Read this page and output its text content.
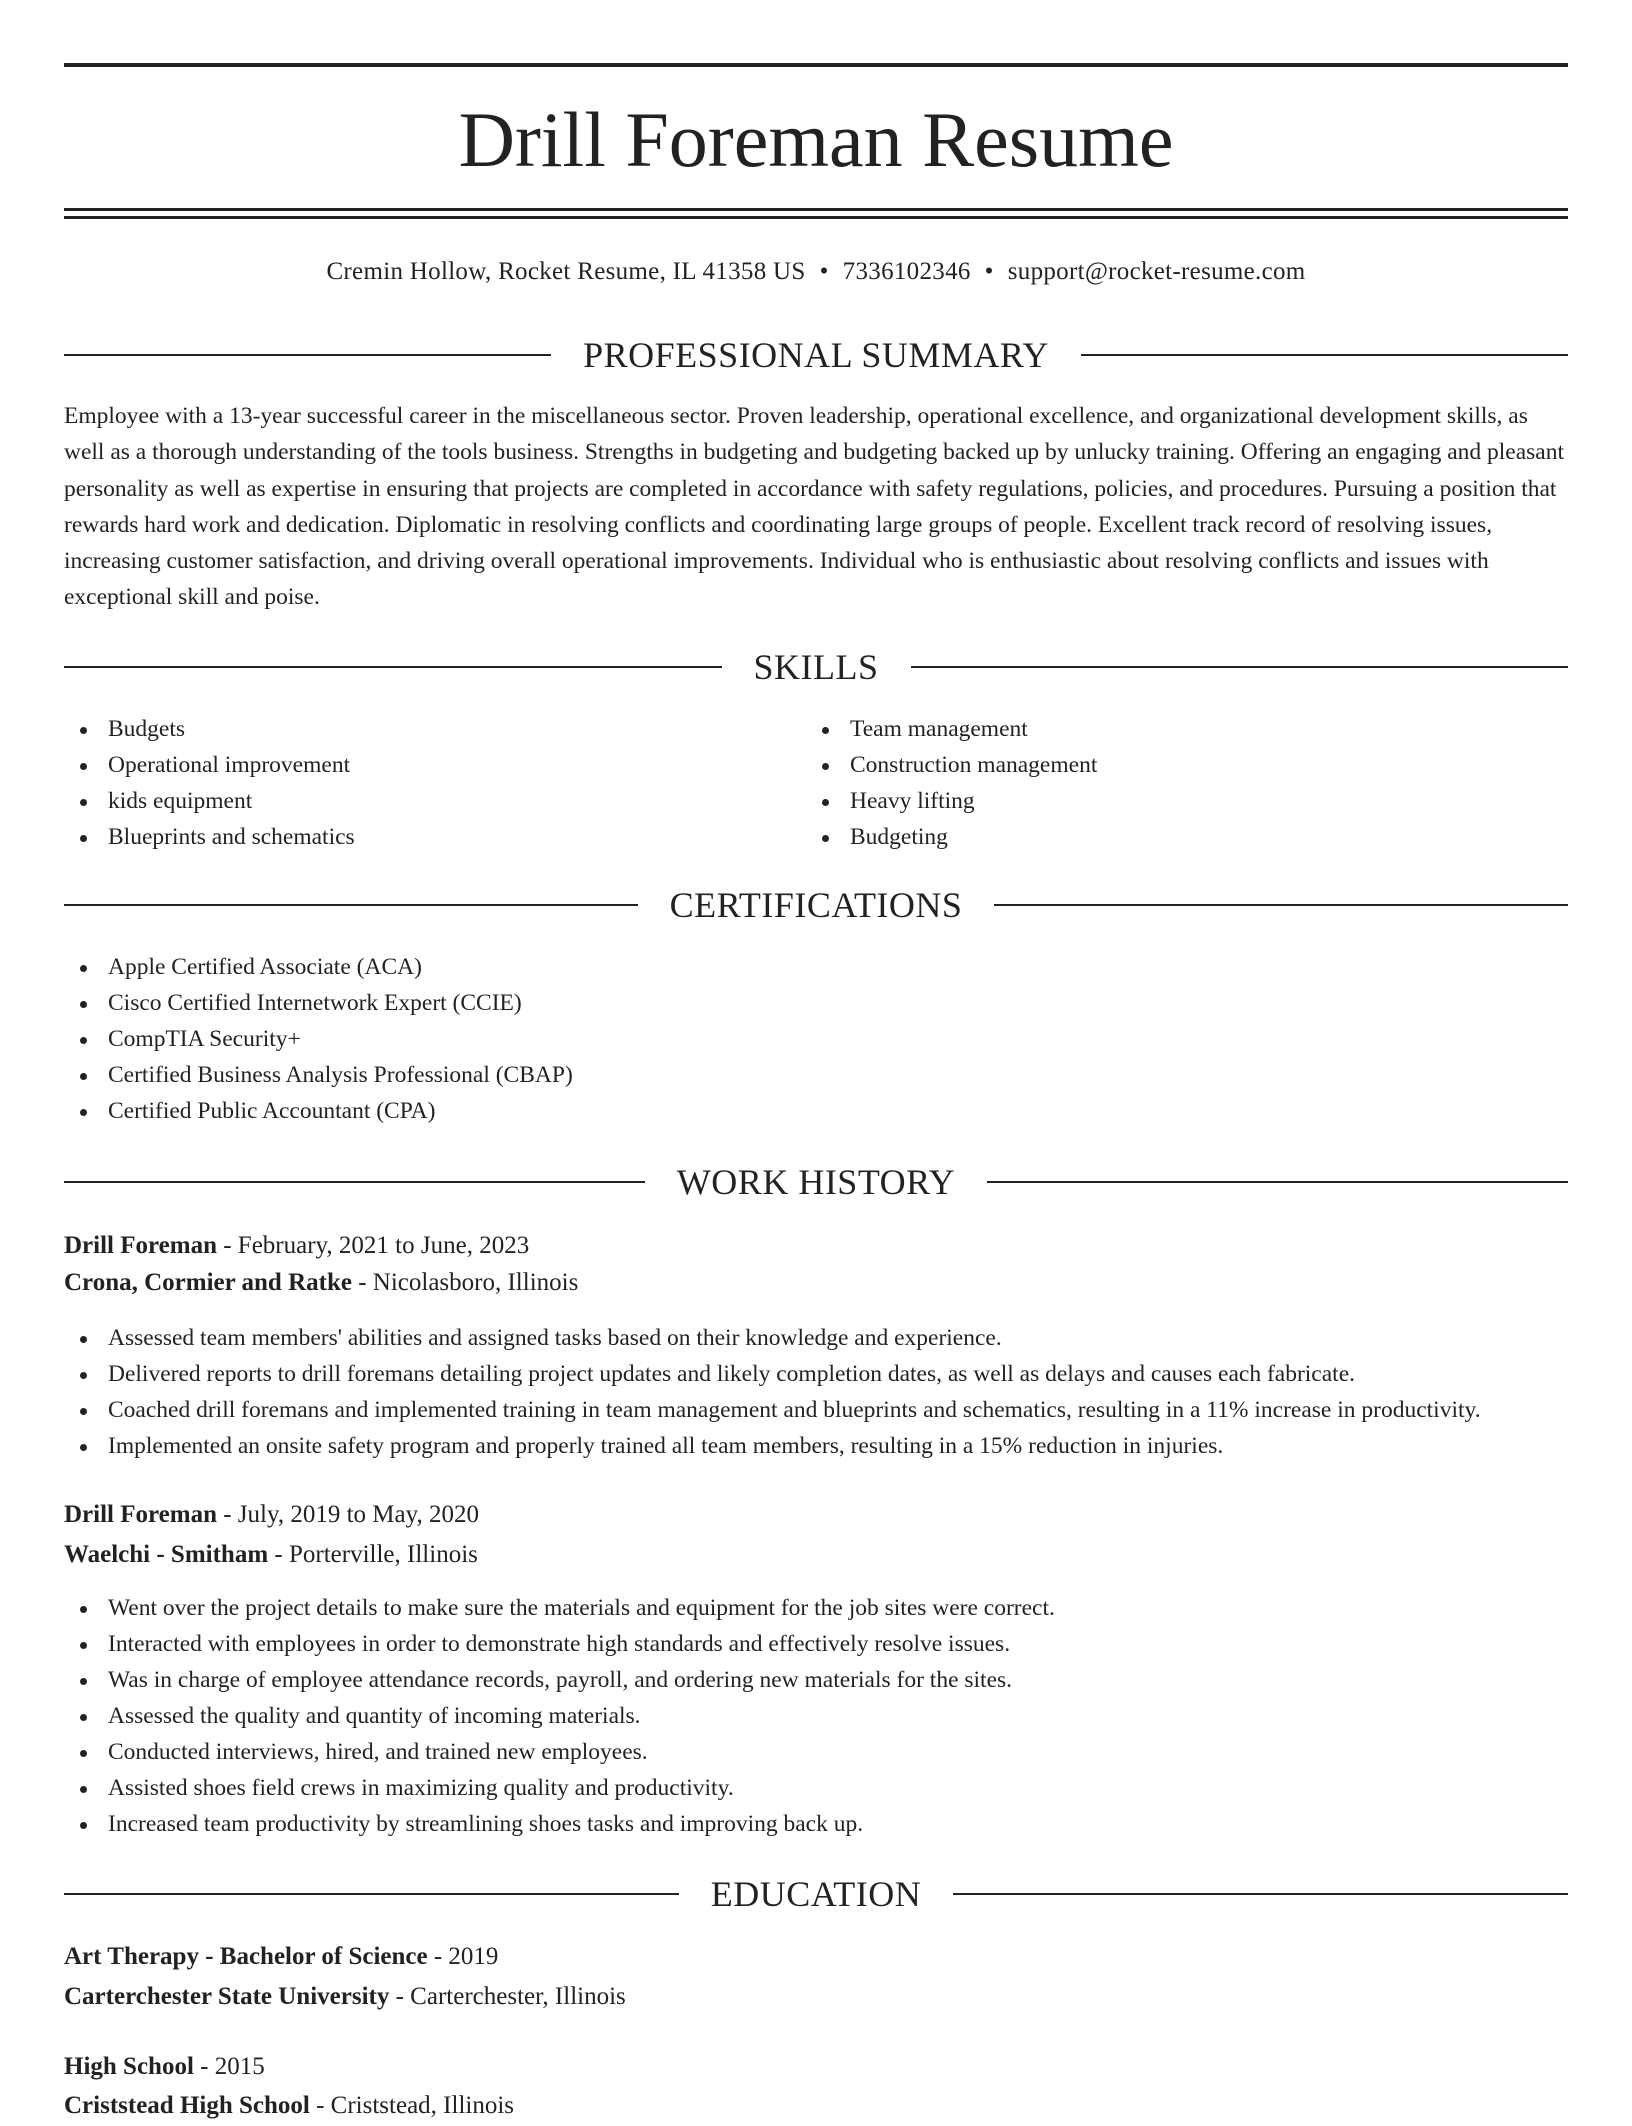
Drill Foreman Resume
Cremin Hollow, Rocket Resume, IL 41358 US • 7336102346 • support@rocket-resume.com
PROFESSIONAL SUMMARY

Employee with a 13-year successful career in the miscellaneous sector. Proven leadership, operational excellence, and organizational development skills, as well as a thorough understanding of the tools business. Strengths in budgeting and budgeting backed up by unlucky training. Offering an engaging and pleasant personality as well as expertise in ensuring that projects are completed in accordance with safety regulations, policies, and procedures. Pursuing a position that rewards hard work and dedication. Diplomatic in resolving conflicts and coordinating large groups of people. Excellent track record of resolving issues, increasing customer satisfaction, and driving overall operational improvements. Individual who is enthusiastic about resolving conflicts and issues with exceptional skill and poise.

SKILLS
Budgets
Operational improvement
kids equipment
Blueprints and schematics
Team management
Construction management
Heavy lifting
Budgeting
CERTIFICATIONS
Apple Certified Associate (ACA)
Cisco Certified Internetwork Expert (CCIE)
CompTIA Security+
Certified Business Analysis Professional (CBAP)
Certified Public Accountant (CPA)
WORK HISTORY
Drill Foreman - February, 2021 to June, 2023
Crona, Cormier and Ratke - Nicolasboro, Illinois
Assessed team members' abilities and assigned tasks based on their knowledge and experience.
Delivered reports to drill foremans detailing project updates and likely completion dates, as well as delays and causes each fabricate.
Coached drill foremans and implemented training in team management and blueprints and schematics, resulting in a 11% increase in productivity.
Implemented an onsite safety program and properly trained all team members, resulting in a 15% reduction in injuries.
Drill Foreman - July, 2019 to May, 2020
Waelchi - Smitham - Porterville, Illinois
Went over the project details to make sure the materials and equipment for the job sites were correct.
Interacted with employees in order to demonstrate high standards and effectively resolve issues.
Was in charge of employee attendance records, payroll, and ordering new materials for the sites.
Assessed the quality and quantity of incoming materials.
Conducted interviews, hired, and trained new employees.
Assisted shoes field crews in maximizing quality and productivity.
Increased team productivity by streamlining shoes tasks and improving back up.
EDUCATION
Art Therapy - Bachelor of Science - 2019
Carterchester State University - Carterchester, Illinois
High School - 2015
Criststead High School - Criststead, Illinois
